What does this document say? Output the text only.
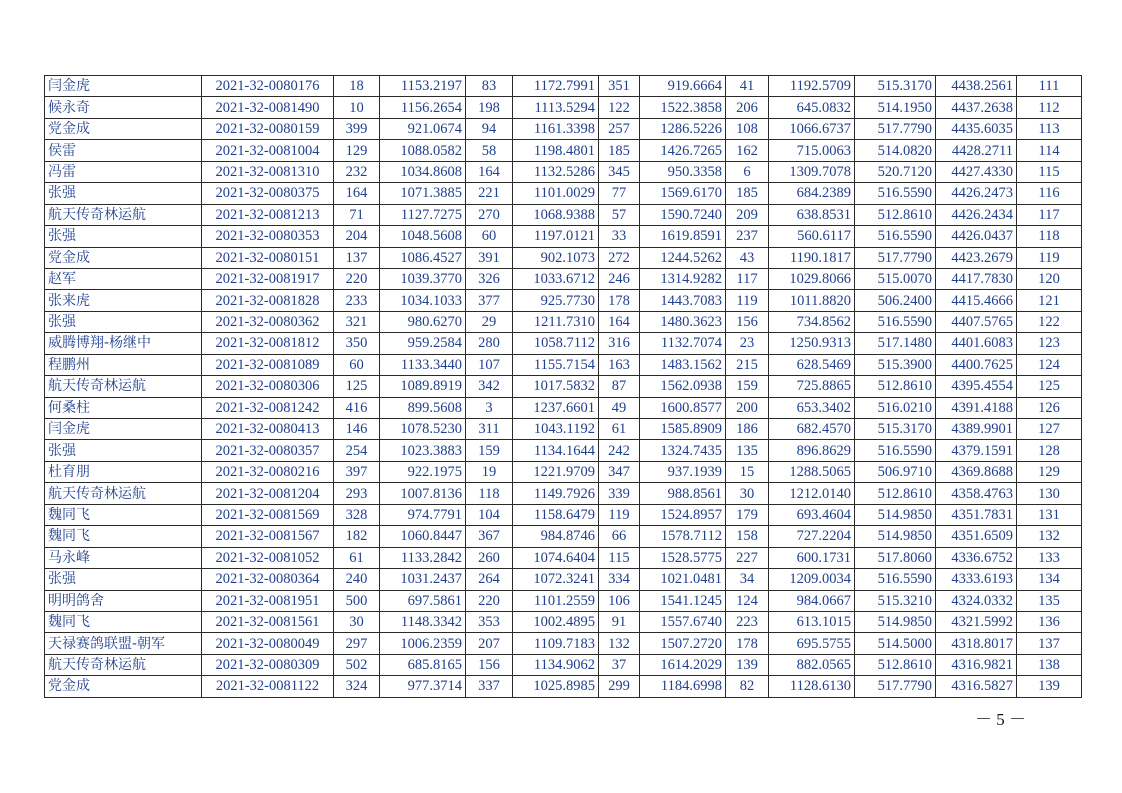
闫金虎	2021-32-0080176	18	1153.2197	83	1172.7991	351	919.6664	41	1192.5709	515.3170	4438.2561	111
候永奇	2021-32-0081490	10	1156.2654	198	1113.5294	122	1522.3858	206	645.0832	514.1950	4437.2638	112
党金成	2021-32-0080159	399	921.0674	94	1161.3398	257	1286.5226	108	1066.6737	517.7790	4435.6035	113
侯雷	2021-32-0081004	129	1088.0582	58	1198.4801	185	1426.7265	162	715.0063	514.0820	4428.2711	114
冯雷	2021-32-0081310	232	1034.8608	164	1132.5286	345	950.3358	6	1309.7078	520.7120	4427.4330	115
张强	2021-32-0080375	164	1071.3885	221	1101.0029	77	1569.6170	185	684.2389	516.5590	4426.2473	116
航天传奇林运航	2021-32-0081213	71	1127.7275	270	1068.9388	57	1590.7240	209	638.8531	512.8610	4426.2434	117
张强	2021-32-0080353	204	1048.5608	60	1197.0121	33	1619.8591	237	560.6117	516.5590	4426.0437	118
党金成	2021-32-0080151	137	1086.4527	391	902.1073	272	1244.5262	43	1190.1817	517.7790	4423.2679	119
赵军	2021-32-0081917	220	1039.3770	326	1033.6712	246	1314.9282	117	1029.8066	515.0070	4417.7830	120
张来虎	2021-32-0081828	233	1034.1033	377	925.7730	178	1443.7083	119	1011.8820	506.2400	4415.4666	121
张强	2021-32-0080362	321	980.6270	29	1211.7310	164	1480.3623	156	734.8562	516.5590	4407.5765	122
威腾博翔-杨继中	2021-32-0081812	350	959.2584	280	1058.7112	316	1132.7074	23	1250.9313	517.1480	4401.6083	123
程鹏州	2021-32-0081089	60	1133.3440	107	1155.7154	163	1483.1562	215	628.5469	515.3900	4400.7625	124
航天传奇林运航	2021-32-0080306	125	1089.8919	342	1017.5832	87	1562.0938	159	725.8865	512.8610	4395.4554	125
何桑柱	2021-32-0081242	416	899.5608	3	1237.6601	49	1600.8577	200	653.3402	516.0210	4391.4188	126
闫金虎	2021-32-0080413	146	1078.5230	311	1043.1192	61	1585.8909	186	682.4570	515.3170	4389.9901	127
张强	2021-32-0080357	254	1023.3883	159	1134.1644	242	1324.7435	135	896.8629	516.5590	4379.1591	128
杜育朋	2021-32-0080216	397	922.1975	19	1221.9709	347	937.1939	15	1288.5065	506.9710	4369.8688	129
航天传奇林运航	2021-32-0081204	293	1007.8136	118	1149.7926	339	988.8561	30	1212.0140	512.8610	4358.4763	130
魏同飞	2021-32-0081569	328	974.7791	104	1158.6479	119	1524.8957	179	693.4604	514.9850	4351.7831	131
魏同飞	2021-32-0081567	182	1060.8447	367	984.8746	66	1578.7112	158	727.2204	514.9850	4351.6509	132
马永峰	2021-32-0081052	61	1133.2842	260	1074.6404	115	1528.5775	227	600.1731	517.8060	4336.6752	133
张强	2021-32-0080364	240	1031.2437	264	1072.3241	334	1021.0481	34	1209.0034	516.5590	4333.6193	134
明明鸽舍	2021-32-0081951	500	697.5861	220	1101.2559	106	1541.1245	124	984.0667	515.3210	4324.0332	135
魏同飞	2021-32-0081561	30	1148.3342	353	1002.4895	91	1557.6740	223	613.1015	514.9850	4321.5992	136
天禄赛鸽联盟-朝军	2021-32-0080049	297	1006.2359	207	1109.7183	132	1507.2720	178	695.5755	514.5000	4318.8017	137
航天传奇林运航	2021-32-0080309	502	685.8165	156	1134.9062	37	1614.2029	139	882.0565	512.8610	4316.9821	138
党金成	2021-32-0081122	324	977.3714	337	1025.8985	299	1184.6998	82	1128.6130	517.7790	4316.5827	139
－ 5 －
